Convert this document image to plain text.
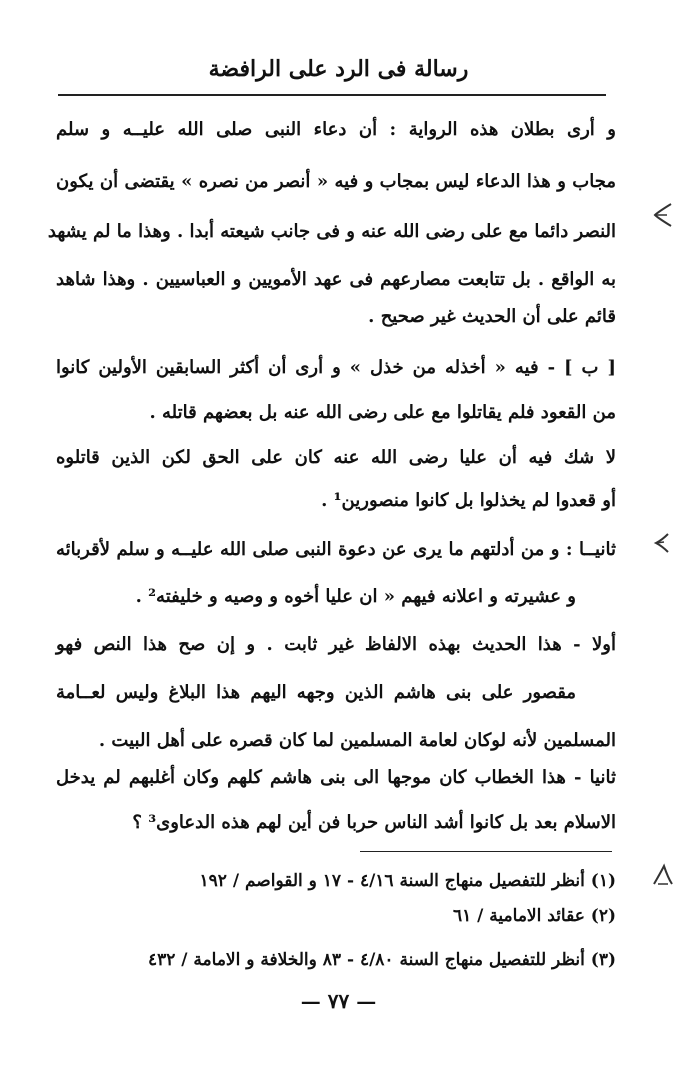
رسالة فى الرد على الرافضة
و أرى بطلان هذه الرواية : أن دعاء النبى صلى الله عليــه و سلم
مجاب و هذا الدعاء ليس بمجاب و فيه « أنصر من نصره » يقتضى أن يكون
النصر دائما مع على رضى الله عنه و فى جانب شيعته أبدا . وهذا ما لم يشهد
به الواقع . بل تتابعت مصارعهم فى عهد الأمويين و العباسيين . وهذا شاهد
قائم على أن الحديث غير صحيح .
[ ب ] - فيه « أخذله من خذل » و أرى أن أكثر السابقين الأولين كانوا
من القعود فلم يقاتلوا مع على رضى الله عنه بل بعضهم قاتله .
لا شك فيه أن عليا رضى الله عنه كان على الحق لكن الذين قاتلوه
أو قعدوا لم يخذلوا بل كانوا منصورين¹ .
ثانيــا : و من أدلتهم ما يرى عن دعوة النبى صلى الله عليــه و سلم لأقربائه
و عشيرته و اعلانه فيهم « ان عليا أخوه و وصيه و خليفته² .
أولا - هذا الحديث بهذه الالفاظ غير ثابت . و إن صح هذا النص فهو
مقصور على بنى هاشم الذين وجهه اليهم هذا البلاغ وليس لعــامة
المسلمين لأنه لوكان لعامة المسلمين لما كان قصره على أهل البيت .
ثانيا - هذا الخطاب كان موجها الى بنى هاشم كلهم وكان أغلبهم لم يدخل
الاسلام بعد بل كانوا أشد الناس حربا فن أين لهم هذه الدعاوى³ ؟
(١) أنظر للتفصيل منهاج السنة ٤/١٦ - ١٧ و القواصم / ١٩٢
(٢) عقائد الامامية / ٦١
(٣) أنظر للتفصيل منهاج السنة ٤/٨٠ - ٨٣ والخلافة و الامامة / ٤٣٢
— ٧٧ —
